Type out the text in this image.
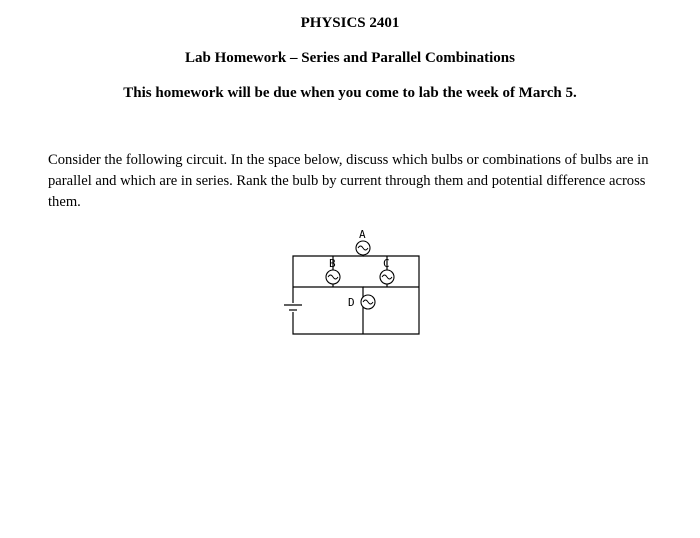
PHYSICS 2401
Lab Homework – Series and Parallel Combinations
This homework will be due when you come to lab the week of March 5.

Consider the following circuit. In the space below, discuss which bulbs or combinations of bulbs are in parallel and which are in series. Rank the bulb by current through them and potential difference across them.

A
B	C
D
